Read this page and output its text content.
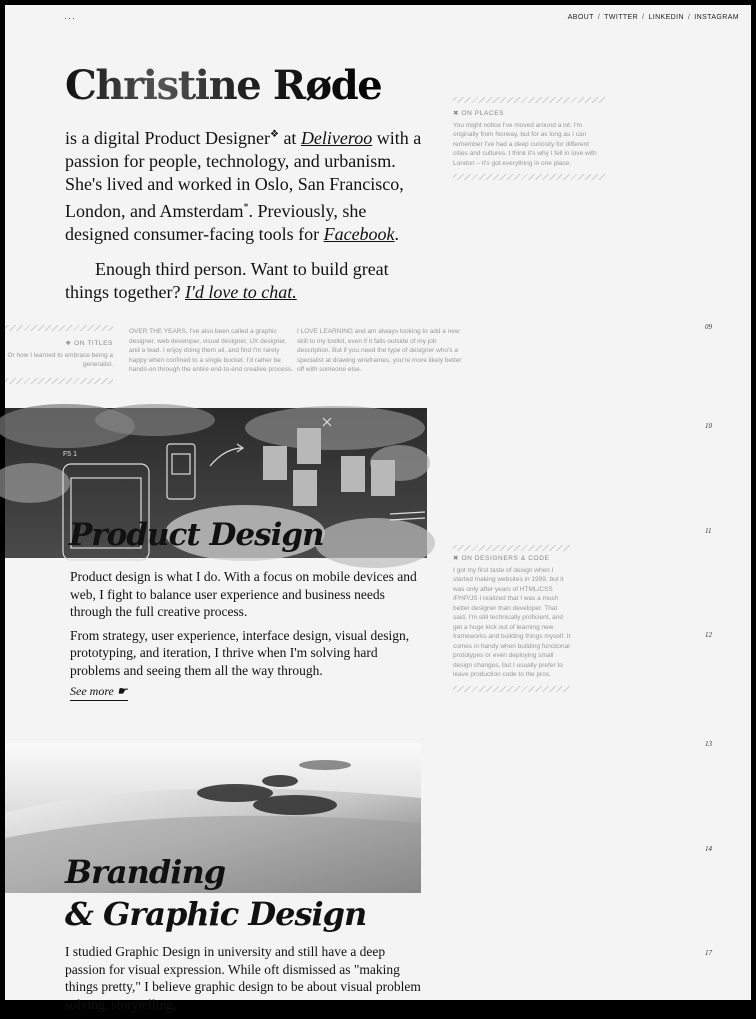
···	ABOUT / TWITTER / LINKEDIN / INSTAGRAM
Christine Røde

is a digital Product Designer❖ at Deliveroo with a passion for people, technology, and urbanism. She's lived and worked in Oslo, San Francisco, London, and Amsterdam*. Previously, she designed consumer-facing tools for Facebook.

Enough third person. Want to build great things together? I'd love to chat.

✖ ON PLACES
You might notice I've moved around a lot. I'm originally from Norway, but for as long as I can remember I've had a deep curiosity for different cities and cultures. I think it's why I fell in love with London – it's got everything in one place.
❖ ON TITLES
Or how I learned to embrace being a generalist.
OVER THE YEARS, I've also been called a graphic designer, web developer, visual designer, UX designer, and a lead. I enjoy doing them all, and find I'm rarely happy when confined to a single bucket. I'd rather be hands-on through the entire end-to-end creative process.
I LOVE LEARNING and am always looking to add a new skill to my toolkit, even if it falls outside of my job description. But if you need the type of designer who's a specialist at drawing wireframes, you're more likely better off with someone else.
✖ ON DESIGNERS & CODE
I got my first taste of design when I started making websites in 1999, but it was only after years of HTML/CSS /PHP/JS I realized that I was a much better designer than developer. That said, I'm still technically proficient, and get a huge kick out of learning new frameworks and building things myself. It comes in handy when building functional prototypes or even deploying small design changes, but I usually prefer to leave production code to the pros.
09
10
11
12
13
14
17
F5 1
Product Design

Product design is what I do. With a focus on mobile devices and web, I fight to balance user experience and business needs through the full creative process.

From strategy, user experience, interface design, visual design, prototyping, and iteration, I thrive when I'm solving hard problems and seeing them all the way through.

See more ☛
Branding
& Graphic Design

I studied Graphic Design in university and still have a deep passion for visual expression. While oft dismissed as "making things pretty," I believe graphic design to be about visual problem solving, storytelling,
